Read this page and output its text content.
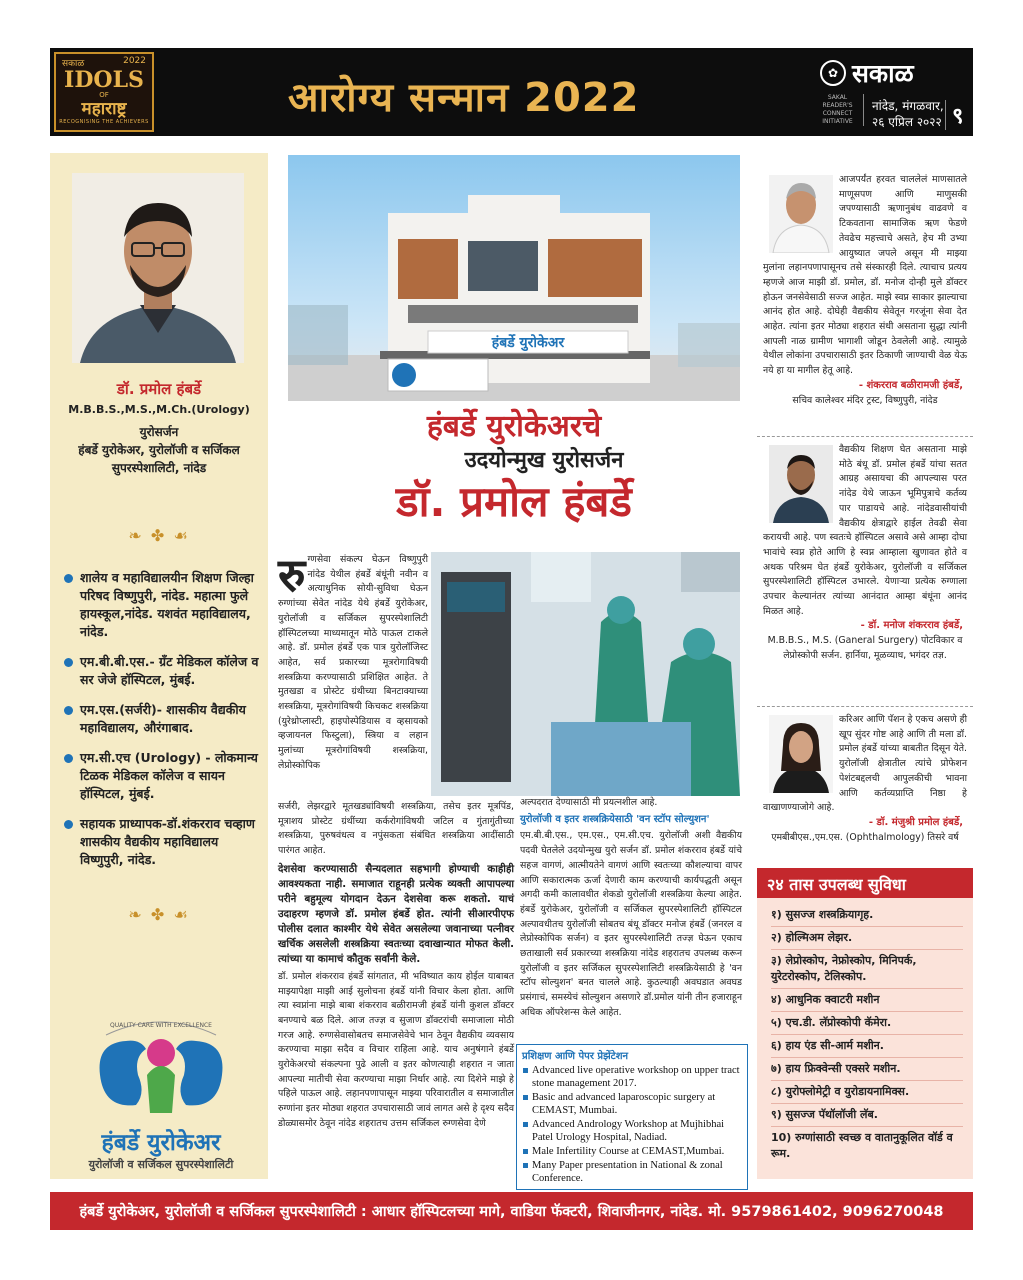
सकाळ	2022
IDOLS
OF
महाराष्ट्र
RECOGNISING THE ACHIEVERS
आरोग्य सन्मान 2022
✿ सकाळ
SAKAL READER'S CONNECT INITIATIVE
नांदेड, मंगळवार,
२६ एप्रिल २०२२ ९
डॉ. प्रमोल हंबर्डे
M.B.B.S.,M.S.,M.Ch.(Urology)
युरोसर्जन
हंबर्डे युरोकेअर, युरोलॉजी व सर्जिकल सुपरस्पेशालिटी, नांदेड
❧ ✤ ☙
शालेय व महाविद्यालयीन शिक्षण जिल्हा परिषद विष्णुपुरी, नांदेड. महात्मा फुले हायस्कूल,नांदेड. यशवंत महाविद्यालय, नांदेड.
एम.बी.बी.एस.- ग्रँट मेडिकल कॉलेज व सर जेजे हॉस्पिटल, मुंबई.
एम.एस.(सर्जरी)- शासकीय वैद्यकीय महाविद्यालय, औरंगाबाद.
एम.सी.एच (Urology) - लोकमान्य टिळक मेडिकल कॉलेज व सायन हॉस्पिटल, मुंबई.
सहायक प्राध्यापक-डॉ.शंकरराव चव्हाण शासकीय वैद्यकीय महाविद्यालय विष्णुपुरी, नांदेड.
❧ ✤ ☙
QUALITY CARE WITH EXCELLENCE
हंबर्डे युरोकेअर
युरोलॉजी व सर्जिकल सुपरस्पेशालिटी
हंबर्डे युरोकेअर
हंबर्डे युरोकेअरचे
उदयोन्मुख युरोसर्जन
डॉ. प्रमोल हंबर्डे
रु ग्णसेवा संकल्प घेऊन विष्णुपुरी नांदेड येथील हंबर्डे बंधूंनी नवीन व अत्याधुनिक सोयी-सुविधा घेऊन रुग्णांच्या सेवेत नांदेड येथे हंबर्डे युरोकेअर, युरोलॉजी व सर्जिकल सुपरस्पेशालिटी हॉस्पिटलच्या माध्यमातून मोठे पाऊल टाकले आहे. डॉ. प्रमोल हंबर्डे एक पात्र युरोलॉजिस्ट आहेत, सर्व प्रकारच्या मूत्ररोगाविषयी शस्त्रक्रिया करण्यासाठी प्रशिक्षित आहेत. ते मुतखडा व प्रोस्टेट ग्रंथीच्या बिनटाक्याच्या शस्त्रक्रिया, मूत्ररोगांविषयी किचकट शस्त्रक्रिया (युरेथ्रोप्लास्टी, हाइपोस्पेडियास व व्हसायको व्हजायनल फिस्टुला), स्त्रिया व लहान मुलांच्या मूत्ररोगांविषयी शस्त्रक्रिया, लेप्रोस्कोपिक

सर्जरी, लेझरद्वारे मूतखड्यांविषयी शस्त्रक्रिया, तसेच इतर मूत्रपिंड, मूत्राशय प्रोस्टेट ग्रंथींच्या कर्करोगांविषयी जटिल व गुंतागुंतीच्या शस्त्रक्रिया, पुरुषवंधत्व व नपुंसकता संबंधित शस्त्रक्रिया आदींसाठी पारंगत आहेत.

देशसेवा करण्यासाठी सैन्यदलात सहभागी होण्याची काहीही आवश्यकता नाही. समाजात राहूनही प्रत्येक व्यक्ती आपापल्या परीने बहुमूल्य योगदान देऊन देशसेवा करू शकतो. याचं उदाहरण म्हणजे डॉ. प्रमोल हंबर्डे होत. त्यांनी सीआरपीएफ पोलीस दलात काश्मीर येथे सेवेत असलेल्या जवानाच्या पत्नीवर खर्चिक असलेली शस्त्रक्रिया स्वतःच्या दवाखान्यात मोफत केली. त्यांच्या या कामाचं कौतुक सर्वांनी केले.

डॉ. प्रमोल शंकरराव हंबर्डे सांगतात, मी भविष्यात काय होईल याबाबत माझ्यापेक्षा माझी आई सुलोचना हंबर्डे यांनी विचार केला होता. आणि त्या स्वप्नांना माझे बाबा शंकरराव बळीरामजी हंबर्डे यांनी कुशल डॉक्टर बनण्याचे बळ दिले. आज तज्ज्ञ व सुजाण डॉक्टरांची समाजाला मोठी गरज आहे. रुग्णसेवासोबतच समाजसेवेचे भान ठेवून वैद्यकीय व्यवसाय करण्याचा माझा सदैव व विचार राहिला आहे. याच अनुषंगाने हंबर्डे युरोकेअरचो संकल्पना पुढे आली व इतर कोणत्याही शहरात न जाता आपल्या मातीची सेवा करण्याचा माझा निर्धार आहे. त्या दिशेने माझे हे पहिले पाऊल आहे. लहानपणापासून माझ्या परिवारातील व समाजातील रुग्णांना इतर मोठ्या शहरात उपचारासाठी जावं लागत असे हे दृश्य सदैव डोळ्यासमोर ठेवून नांदेड शहरातच उत्तम सर्जिकल रुग्णसेवा देणे

अल्पदरात देण्यासाठी मी प्रयत्नशील आहे.

युरोलॉजी व इतर शस्त्रक्रियेसाठी 'वन स्टॉप सोल्युशन'

एम.बी.बी.एस., एम.एस., एम.सी.एच. युरोलॉजी अशी वैद्यकीय पदवी घेतलेले उदयोन्मुख युरो सर्जन डॉ. प्रमोल शंकरराव हंबर्डे यांचे सहज वागणं, आत्मीयतेने वागणं आणि स्वतःच्या कौशल्याचा वापर आणि सकारात्मक ऊर्जा देणारी काम करण्याची कार्यपद्धती असून अगदी कमी कालावधीत शेकडो युरोलॉजी शस्त्रक्रिया केल्या आहेत. हंबर्डे युरोकेअर, युरोलॉजी व सर्जिकल सुपरस्पेशालिटी हॉस्पिटल अल्पावधीतच युरोलॉजी सोबतच बंधू डॉक्टर मनोज हंबर्डे (जनरल व लेप्रोस्कोपिक सर्जन) व इतर सुपरस्पेशालिटी तज्ज्ञ घेऊन एकाच छताखाली सर्व प्रकारच्या शस्त्रक्रिया नांदेड शहरातच उपलब्ध करून युरोलॉजी व इतर सर्जिकल सुपरस्पेशालिटी शस्त्रक्रियेसाठी हे 'वन स्टॉप सोल्युशन' बनत चालले आहे. कुठल्याही अवघडात अवघड प्रसंगाचं, समस्येचं सोल्युशन असणारे डॉ.प्रमोल यांनी तीन हजाराहून अधिक ऑपरेशन्स केले आहेत.

प्रशिक्षण आणि पेपर प्रेझेंटेशन
Advanced live operative workshop on upper tract stone management 2017.
Basic and advanced laparoscopic surgery at CEMAST, Mumbai.
Advanced Andrology Workshop at Mujhibhai Patel Urology Hospital, Nadiad.
Male Infertility Course at CEMAST,Mumbai.
Many Paper presentation in National & zonal Conference.

आजपर्यंत हरवत चाललेलं माणसातले माणूसपण आणि माणुसकी जपण्यासाठी ऋणानुबंध वाढवणे व टिकवताना सामाजिक ऋण फेडणे तेवढेच महत्त्वाचे असते, हेच मी उभ्या आयुष्यात जपले असून मी माझ्या मुलांना लहानपणापासूनच तसे संस्कारही दिले. त्याचाच प्रत्यय म्हणजे आज माझी डॉ. प्रमोल, डॉ. मनोज दोन्ही मुले डॉक्टर होऊन जनसेवेसाठी सज्ज आहेत. माझे स्वप्न साकार झाल्याचा आनंद होत आहे. दोघेही वैद्यकीय सेवेतून गरजूंना सेवा देत आहेत. त्यांना इतर मोठ्या शहरात संधी असताना सुद्धा त्यांनी आपली नाळ ग्रामीण भागाशी जोडून ठेवलेली आहे. त्यामुळे येथील लोकांना उपचारासाठी इतर ठिकाणी जाण्याची वेळ येऊ नये हा या मागील हेतू आहे.

- शंकरराव बळीरामजी हंबर्डे,
सचिव कालेश्वर मंदिर ट्रस्ट, विष्णुपुरी, नांदेड

वैद्यकीय शिक्षण घेत असताना माझे मोठे बंधू डॉ. प्रमोल हंबर्डे यांचा सतत आग्रह असायचा की आपल्यास परत नांदेड येथे जाऊन भूमिपुत्राचे कर्तव्य पार पाडायचे आहे. नांदेडवासीयांची वैद्यकीय क्षेत्राद्वारे हाईल तेवढी सेवा करायची आहे. पण स्वतःचे हॉस्पिटल असावे असे आम्हा दोघा भावांचे स्वप्न होते आणि हे स्वप्न आम्हाला खुणावत होते व अथक परिश्रम घेत हंबर्डे युरोकेअर, युरोलॉजी व सर्जिकल सुपरस्पेशालिटी हॉस्पिटल उभारले. येणाऱ्या प्रत्येक रुग्णाला उपचार केल्यानंतर त्यांच्या आनंदात आम्हा बंधूंना आनंद मिळत आहे.

- डॉ. मनोज शंकरराव हंबर्डे,
M.B.B.S., M.S. (Ganeral Surgery) पोटविकार व लेप्रोस्कोपी सर्जन. हार्निया, मूळव्याध, भगंदर तज्ञ.

करिअर आणि पॅशन हे एकच असणे ही खूप सुंदर गोष्ट आहे आणि ती मला डॉ. प्रमोल हंबर्डे यांच्या बाबतीत दिसून येते. युरोलॉजी क्षेत्रातील त्यांचे प्रोफेशन पेशंटबद्दलची आपुलकीची भावना आणि कर्तव्यप्राप्ति निष्ठा हे वाखाणण्याजोगे आहे.

- डॉ. मंजुश्री प्रमोल हंबर्डे,
एमबीबीएस.,एम.एस. (Ophthalmology) तिसरे वर्ष
२४ तास उपलब्ध सुविधा
१) सुसज्ज शस्त्रक्रियागृह.
२) होल्मिअम लेझर.
३) लेप्रोस्कोप, नेफ्रोस्कोप, मिनिपर्क, युरेटरोस्कोप, टेलिस्कोप.
४) आधुनिक क्वाटरी मशीन
५) एच.डी. लॅप्रोस्कोपी कॅमेरा.
६) हाय एंड सी-आर्म मशीन.
७) हाय फ्रिक्वेन्सी एक्सरे मशीन.
८) युरोफ्लोमेट्री व युरोडायनामिक्स.
९) सुसज्ज पॅथॉलॉजी लॅब.
10) रुग्णांसाठी स्वच्छ व वातानुकूलित वॉर्ड व रूम.
हंबर्डे युरोकेअर, युरोलॉजी व सर्जिकल सुपरस्पेशालिटी : आधार हॉस्पिटलच्या मागे, वाडिया फॅक्टरी, शिवाजीनगर, नांदेड. मो. 9579861402, 9096270048
